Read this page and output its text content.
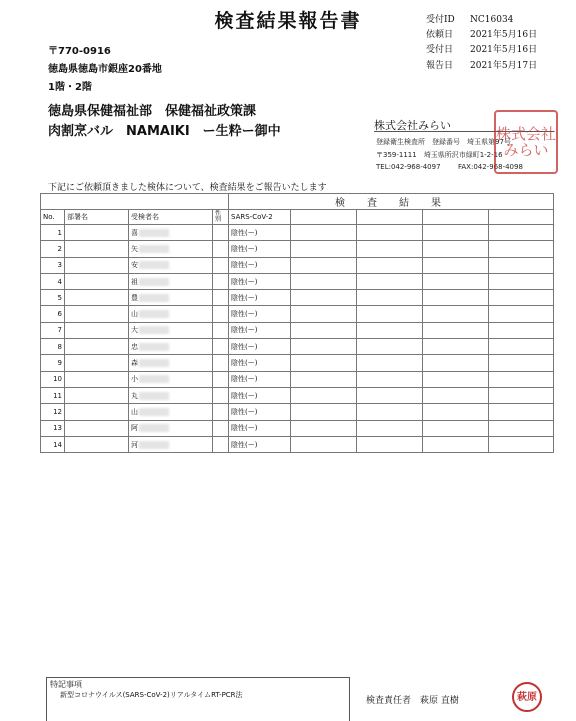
検査結果報告書	受付ID NC16034
依頼日 2021年5月16日
受付日 2021年5月16日
報告日 2021年5月17日
〒770-0916
徳島県徳島市銀座20番地
1階・2階
徳島県保健福祉部　保健福祉政策課
肉割烹バル　NAMAIKI　ー生粋ー御中	株式会社みらい
登録衛生検査所　登録番号　埼玉県第97号
〒359-1111　埼玉県所沢市緑町1-2-16
TEL:042-968-4097 FAX:042-968-4098
株式会社みらい
下記にご依頼頂きました検体について、検査結果をご報告いたします
				検　査　結　果				
No.	部署名	受検者名	性別	SARS-CoV-2				
1		喜		陰性(ー)				
2		矢		陰性(ー)				
3		安		陰性(ー)				
4		祖		陰性(ー)				
5		豊		陰性(ー)				
6		山		陰性(ー)				
7		大		陰性(ー)				
8		忠		陰性(ー)				
9		森		陰性(ー)				
10		小		陰性(ー)				
11		丸		陰性(ー)				
12		山		陰性(ー)				
13		阿		陰性(ー)				
14		河		陰性(ー)				
特記事項
新型コロナウイルス(SARS-CoV-2)リアルタイムRT-PCR法
検査責任者　萩原 直樹	萩原
